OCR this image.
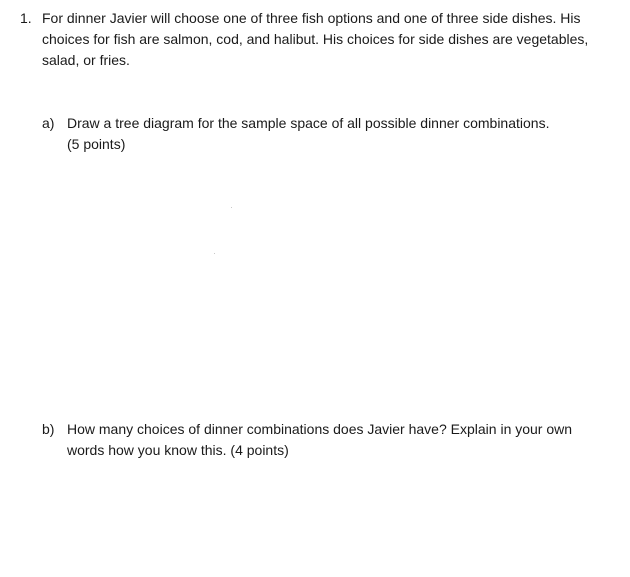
1. For dinner Javier will choose one of three fish options and one of three side dishes. His
choices for fish are salmon, cod, and halibut. His choices for side dishes are vegetables,
salad, or fries.
a) Draw a tree diagram for the sample space of all possible dinner combinations.
(5 points)
b) How many choices of dinner combinations does Javier have? Explain in your own
words how you know this. (4 points)
